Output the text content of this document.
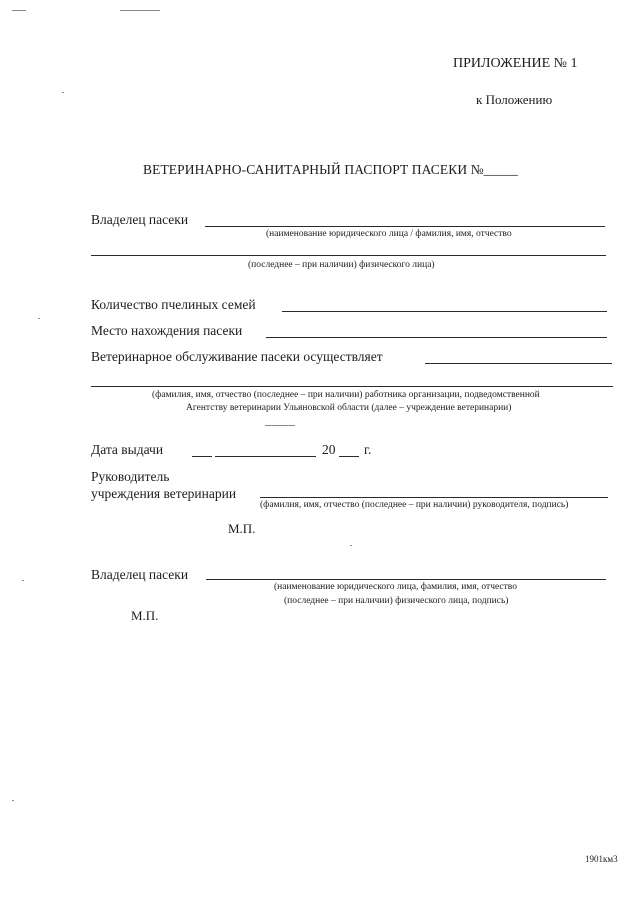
ПРИЛОЖЕНИЕ № 1
к Положению
ВЕТЕРИНАРНО-САНИТАРНЫЙ ПАСПОРТ ПАСЕКИ №_____
Владелец пасеки
(наименование юридического лица / фамилия, имя, отчество
(последнее – при наличии) физического лица)
Количество пчелиных семей
Место нахождения пасеки
Ветеринарное обслуживание пасеки осуществляет
(фамилия, имя, отчество (последнее – при наличии) работника организации, подведомственной
Агентству ветеринарии Ульяновской области (далее – учреждение ветеринарии)
Дата выдачи	20 г.
Руководитель
учреждения ветеринарии
(фамилия, имя, отчество (последнее – при наличии) руководителя, подпись)
М.П.
Владелец пасеки
(наименование юридического лица, фамилия, имя, отчество
(последнее – при наличии) физического лица, подпись)
М.П.
1901км3
